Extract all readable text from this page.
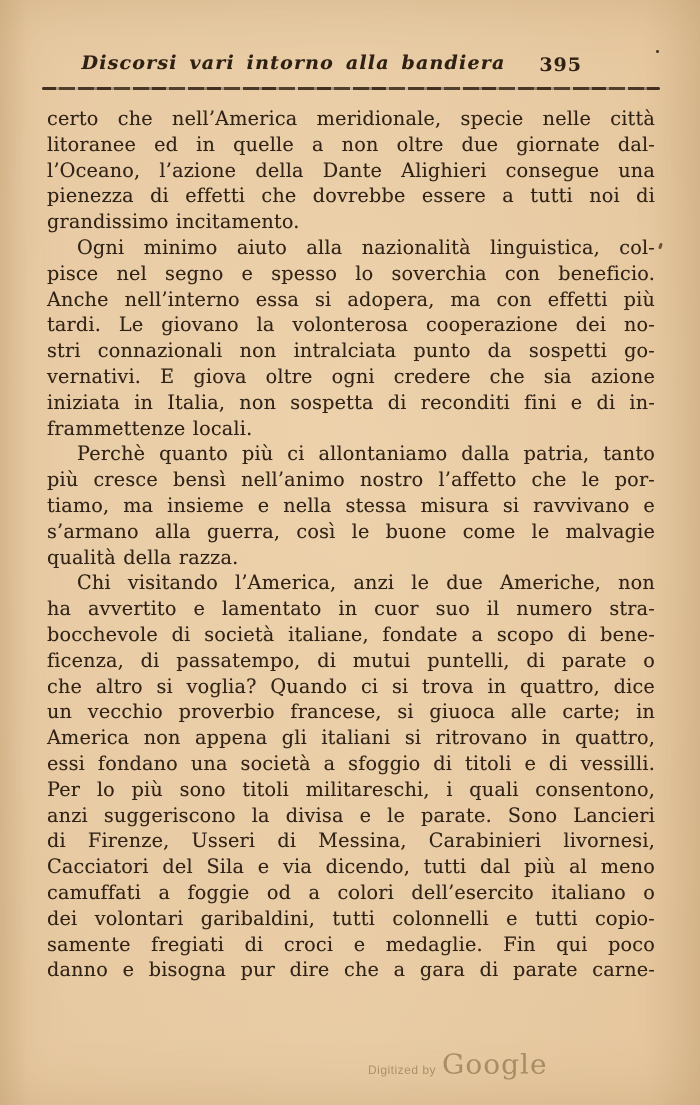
Discorsi vari intorno alla bandiera	395
certo che nell’America meridionale, specie nelle città
litoranee ed in quelle a non oltre due giornate dal-
l’Oceano, l’azione della Dante Alighieri consegue una
pienezza di effetti che dovrebbe essere a tutti noi di
grandissimo incitamento.
Ogni minimo aiuto alla nazionalità linguistica, col-
pisce nel segno e spesso lo soverchia con beneficio.
Anche nell’interno essa si adopera, ma con effetti più
tardi. Le giovano la volonterosa cooperazione dei no-
stri connazionali non intralciata punto da sospetti go-
vernativi. E giova oltre ogni credere che sia azione
iniziata in Italia, non sospetta di reconditi fini e di in-
frammettenze locali.
Perchè quanto più ci allontaniamo dalla patria, tanto
più cresce bensì nell’animo nostro l’affetto che le por-
tiamo, ma insieme e nella stessa misura si ravvivano e
s’armano alla guerra, così le buone come le malvagie
qualità della razza.
Chi visitando l’America, anzi le due Americhe, non
ha avvertito e lamentato in cuor suo il numero stra-
bocchevole di società italiane, fondate a scopo di bene-
ficenza, di passatempo, di mutui puntelli, di parate o
che altro si voglia? Quando ci si trova in quattro, dice
un vecchio proverbio francese, si giuoca alle carte; in
America non appena gli italiani si ritrovano in quattro,
essi fondano una società a sfoggio di titoli e di vessilli.
Per lo più sono titoli militareschi, i quali consentono,
anzi suggeriscono la divisa e le parate. Sono Lancieri
di Firenze, Usseri di Messina, Carabinieri livornesi,
Cacciatori del Sila e via dicendo, tutti dal più al meno
camuffati a foggie od a colori dell’esercito italiano o
dei volontari garibaldini, tutti colonnelli e tutti copio-
samente fregiati di croci e medaglie. Fin qui poco
danno e bisogna pur dire che a gara di parate carne-
Digitized by Google
